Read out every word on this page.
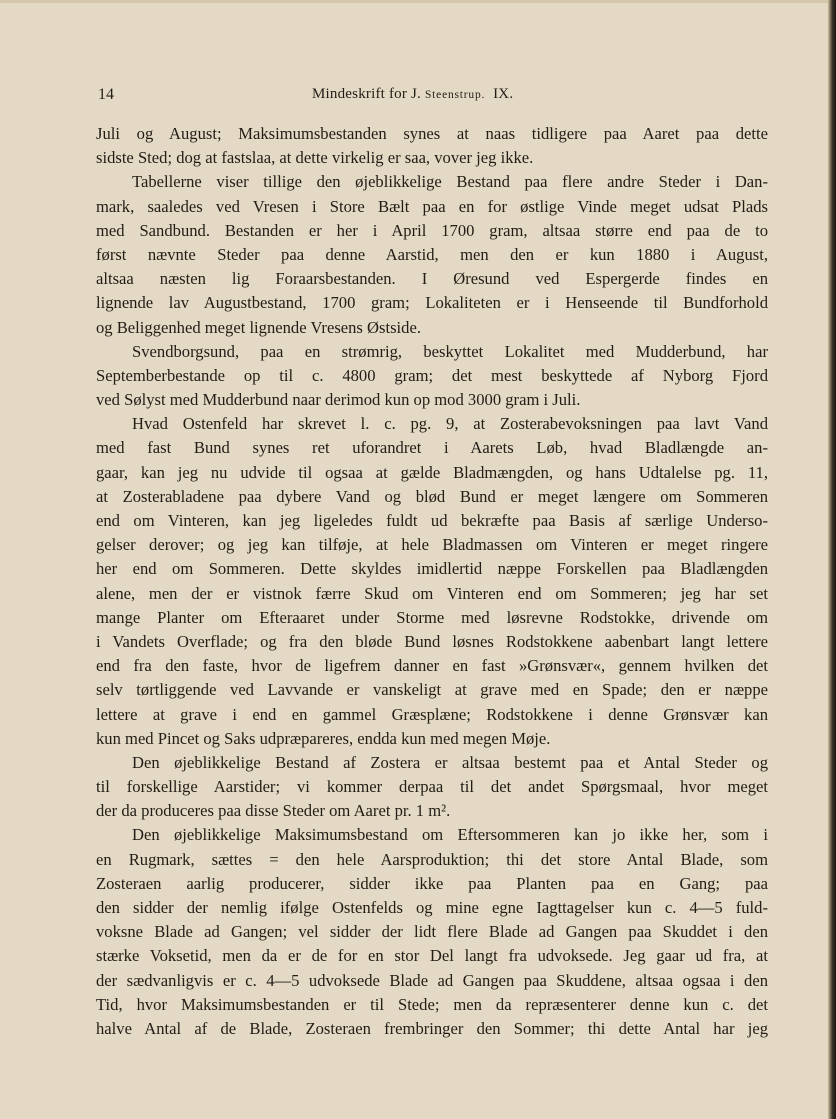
14	Mindeskrift for J. Steenstrup. IX.
Juli og August; Maksimumsbestanden synes at naas tidligere paa Aaret paa dette
sidste Sted; dog at fastslaa, at dette virkelig er saa, vover jeg ikke.
Tabellerne viser tillige den øjeblikkelige Bestand paa flere andre Steder i Dan-
mark, saaledes ved Vresen i Store Bælt paa en for østlige Vinde meget udsat Plads
med Sandbund. Bestanden er her i April 1700 gram, altsaa større end paa de to
først nævnte Steder paa denne Aarstid, men den er kun 1880 i August,
altsaa næsten lig Foraarsbestanden. I Øresund ved Espergerde findes en
lignende lav Augustbestand, 1700 gram; Lokaliteten er i Henseende til Bundforhold
og Beliggenhed meget lignende Vresens Østside.
Svendborgsund, paa en strømrig, beskyttet Lokalitet med Mudderbund, har
Septemberbestande op til c. 4800 gram; det mest beskyttede af Nyborg Fjord
ved Sølyst med Mudderbund naar derimod kun op mod 3000 gram i Juli.
Hvad Ostenfeld har skrevet l. c. pg. 9, at Zosterabevoksningen paa lavt Vand
med fast Bund synes ret uforandret i Aarets Løb, hvad Bladlængde an-
gaar, kan jeg nu udvide til ogsaa at gælde Bladmængden, og hans Udtalelse pg. 11,
at Zosterabladene paa dybere Vand og blød Bund er meget længere om Sommeren
end om Vinteren, kan jeg ligeledes fuldt ud bekræfte paa Basis af særlige Underso-
gelser derover; og jeg kan tilføje, at hele Bladmassen om Vinteren er meget ringere
her end om Sommeren. Dette skyldes imidlertid næppe Forskellen paa Bladlængden
alene, men der er vistnok færre Skud om Vinteren end om Sommeren; jeg har set
mange Planter om Efteraaret under Storme med løsrevne Rodstokke, drivende om
i Vandets Overflade; og fra den bløde Bund løsnes Rodstokkene aabenbart langt lettere
end fra den faste, hvor de ligefrem danner en fast »Grønsvær«, gennem hvilken det
selv tørtliggende ved Lavvande er vanskeligt at grave med en Spade; den er næppe
lettere at grave i end en gammel Græsplæne; Rodstokkene i denne Grønsvær kan
kun med Pincet og Saks udpræpareres, endda kun med megen Møje.
Den øjeblikkelige Bestand af Zostera er altsaa bestemt paa et Antal Steder og
til forskellige Aarstider; vi kommer derpaa til det andet Spørgsmaal, hvor meget
der da produceres paa disse Steder om Aaret pr. 1 m².
Den øjeblikkelige Maksimumsbestand om Eftersommeren kan jo ikke her, som i
en Rugmark, sættes = den hele Aarsproduktion; thi det store Antal Blade, som
Zosteraen aarlig producerer, sidder ikke paa Planten paa en Gang; paa
den sidder der nemlig ifølge Ostenfelds og mine egne Iagttagelser kun c. 4—5 fuld-
voksne Blade ad Gangen; vel sidder der lidt flere Blade ad Gangen paa Skuddet i den
stærke Voksetid, men da er de for en stor Del langt fra udvoksede. Jeg gaar ud fra, at
der sædvanligvis er c. 4—5 udvoksede Blade ad Gangen paa Skuddene, altsaa ogsaa i den
Tid, hvor Maksimumsbestanden er til Stede; men da repræsenterer denne kun c. det
halve Antal af de Blade, Zosteraen frembringer den Sommer; thi dette Antal har jeg
